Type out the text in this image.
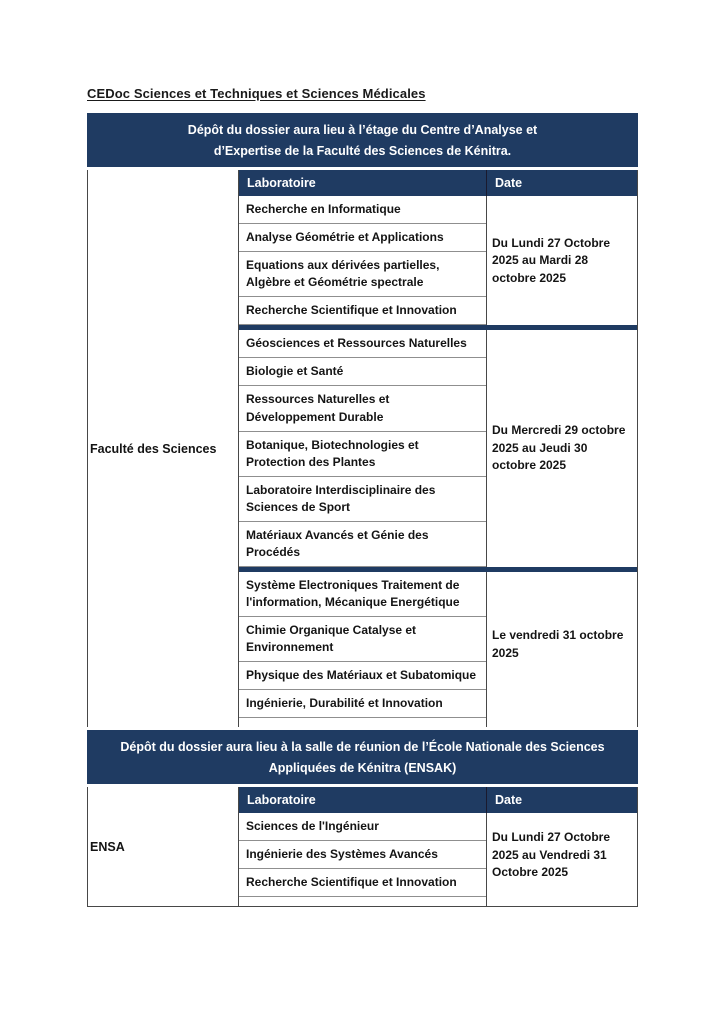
CEDoc Sciences et Techniques et Sciences Médicales
Dépôt du dossier aura lieu à l’étage du Centre d’Analyse et
d’Expertise de la Faculté des Sciences de Kénitra.
Faculté des Sciences
Laboratoire	Date
Recherche en Informatique
Analyse Géométrie et Applications
Equations aux dérivées partielles, Algèbre et Géométrie spectrale
Recherche Scientifique et Innovation
Du Lundi 27 Octobre 2025 au Mardi 28 octobre 2025
Géosciences et Ressources Naturelles
Biologie et Santé
Ressources Naturelles et Développement Durable
Botanique, Biotechnologies et Protection des Plantes
Laboratoire Interdisciplinaire des Sciences de Sport
Matériaux Avancés et Génie des Procédés
Du Mercredi 29 octobre 2025 au Jeudi 30 octobre 2025
Système Electroniques Traitement de l'information, Mécanique Energétique
Chimie Organique Catalyse et Environnement
Physique des Matériaux et Subatomique
Ingénierie, Durabilité et Innovation
Le vendredi 31 octobre 2025
Dépôt du dossier aura lieu à la salle de réunion de l’École Nationale des Sciences
Appliquées de Kénitra (ENSAK)
ENSA
Laboratoire	Date
Sciences de l'Ingénieur
Ingénierie des Systèmes Avancés
Recherche Scientifique et Innovation
Du Lundi 27 Octobre 2025 au Vendredi 31 Octobre 2025
